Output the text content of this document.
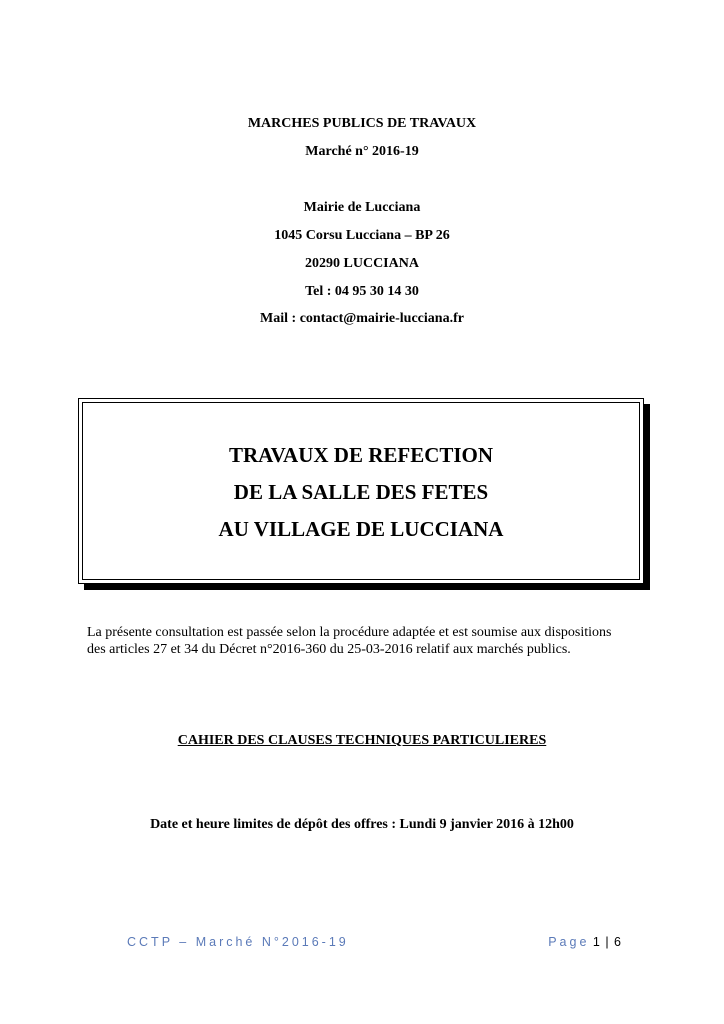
MARCHES PUBLICS DE TRAVAUX
Marché n° 2016-19
Mairie de Lucciana
1045 Corsu Lucciana – BP 26
20290 LUCCIANA
Tel : 04 95 30 14 30
Mail : contact@mairie-lucciana.fr
TRAVAUX DE REFECTION
DE LA SALLE DES FETES
AU VILLAGE DE LUCCIANA
La présente consultation est passée selon la procédure adaptée et est soumise aux dispositions
des articles 27 et 34 du Décret n°2016-360 du 25-03-2016 relatif aux marchés publics.
CAHIER DES CLAUSES TECHNIQUES PARTICULIERES
Date et heure limites de dépôt des offres : Lundi 9 janvier 2016 à 12h00
CCTP – Marché N°2016-19	Page 1 | 6
